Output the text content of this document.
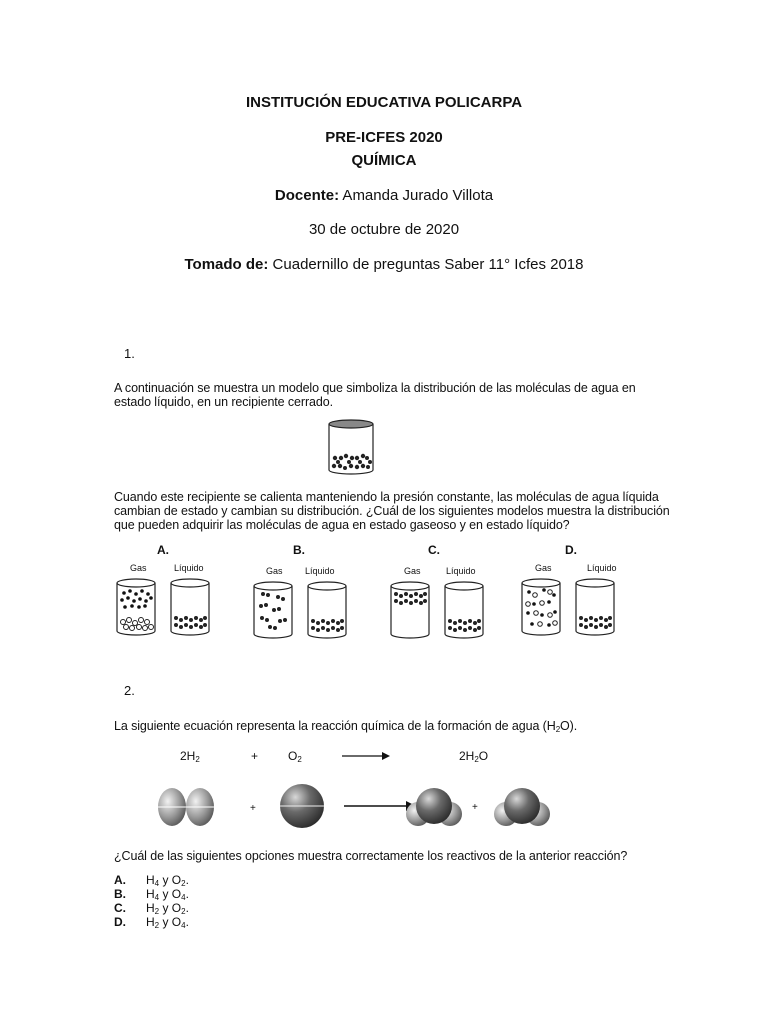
INSTITUCIÓN EDUCATIVA POLICARPA
PRE-ICFES 2020
QUÍMICA
Docente: Amanda Jurado Villota
30 de octubre de 2020
Tomado de: Cuadernillo de preguntas Saber 11° Icfes 2018
1.
A continuación se muestra un modelo que simboliza la distribución de las moléculas de agua en
estado líquido, en un recipiente cerrado.
Cuando este recipiente se calienta manteniendo la presión constante, las moléculas de agua líquida
cambian de estado y cambian su distribución. ¿Cuál de los siguientes modelos muestra la distribución
que pueden adquirir las moléculas de agua en estado gaseoso y en estado líquido?
A.
Gas	Líquido
B.
Gas Líquido
C.
Gas	Líquido
D.
Gas	Líquido
2.
La siguiente ecuación representa la reacción química de la formación de agua $(H_2O)$.
$2H_2$	+ $O_2$	$2H_2O$
+	+
¿Cuál de las siguientes opciones muestra correctamente los reactivos de la anterior reacción?
A. $H_4$ y $O_2$.
B. $H_4$ y $O_4$.
C. $H_2$ y $O_2$.
D. $H_2$ y $O_4$.
